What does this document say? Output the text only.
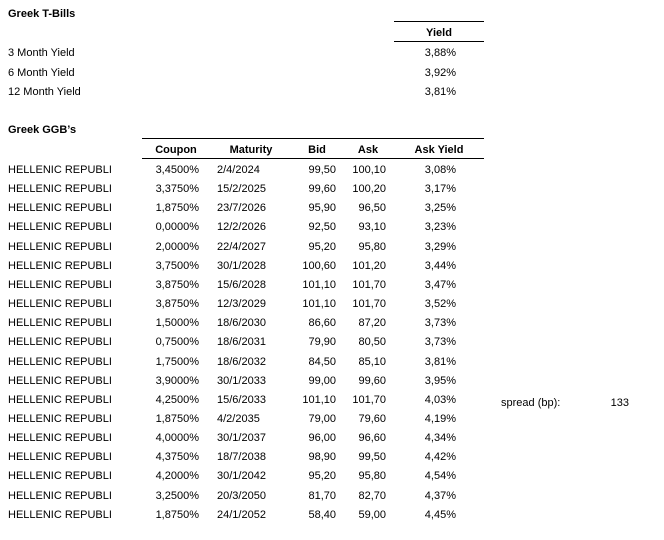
Greek T-Bills
Yield
3 Month Yield	3,88%
6 Month Yield	3,92%
12 Month Yield	3,81%
Greek GGB’s
Coupon	Maturity	Bid	Ask	Ask Yield
HELLENIC REPUBLI	3,4500% 2/4/2024	99,50	100,10	3,08%
HELLENIC REPUBLI	3,3750% 15/2/2025	99,60	100,20	3,17%
HELLENIC REPUBLI	1,8750% 23/7/2026	95,90	96,50	3,25%
HELLENIC REPUBLI	0,0000% 12/2/2026	92,50	93,10	3,23%
HELLENIC REPUBLI	2,0000% 22/4/2027	95,20	95,80	3,29%
HELLENIC REPUBLI	3,7500% 30/1/2028	100,60	101,20	3,44%
HELLENIC REPUBLI	3,8750% 15/6/2028	101,10	101,70	3,47%
HELLENIC REPUBLI	3,8750% 12/3/2029	101,10	101,70	3,52%
HELLENIC REPUBLI	1,5000% 18/6/2030	86,60	87,20	3,73%
HELLENIC REPUBLI	0,7500% 18/6/2031	79,90	80,50	3,73%
HELLENIC REPUBLI	1,7500% 18/6/2032	84,50	85,10	3,81%
HELLENIC REPUBLI	3,9000% 30/1/2033	99,00	99,60	3,95%
HELLENIC REPUBLI	4,2500% 15/6/2033	101,10	101,70	4,03%
HELLENIC REPUBLI	1,8750% 4/2/2035	79,00	79,60	4,19%
HELLENIC REPUBLI	4,0000% 30/1/2037	96,00	96,60	4,34%
HELLENIC REPUBLI	4,3750% 18/7/2038	98,90	99,50	4,42%
HELLENIC REPUBLI	4,2000% 30/1/2042	95,20	95,80	4,54%
HELLENIC REPUBLI	3,2500% 20/3/2050	81,70	82,70	4,37%
HELLENIC REPUBLI	1,8750% 24/1/2052	58,40	59,00	4,45%
spread (bp):	133
